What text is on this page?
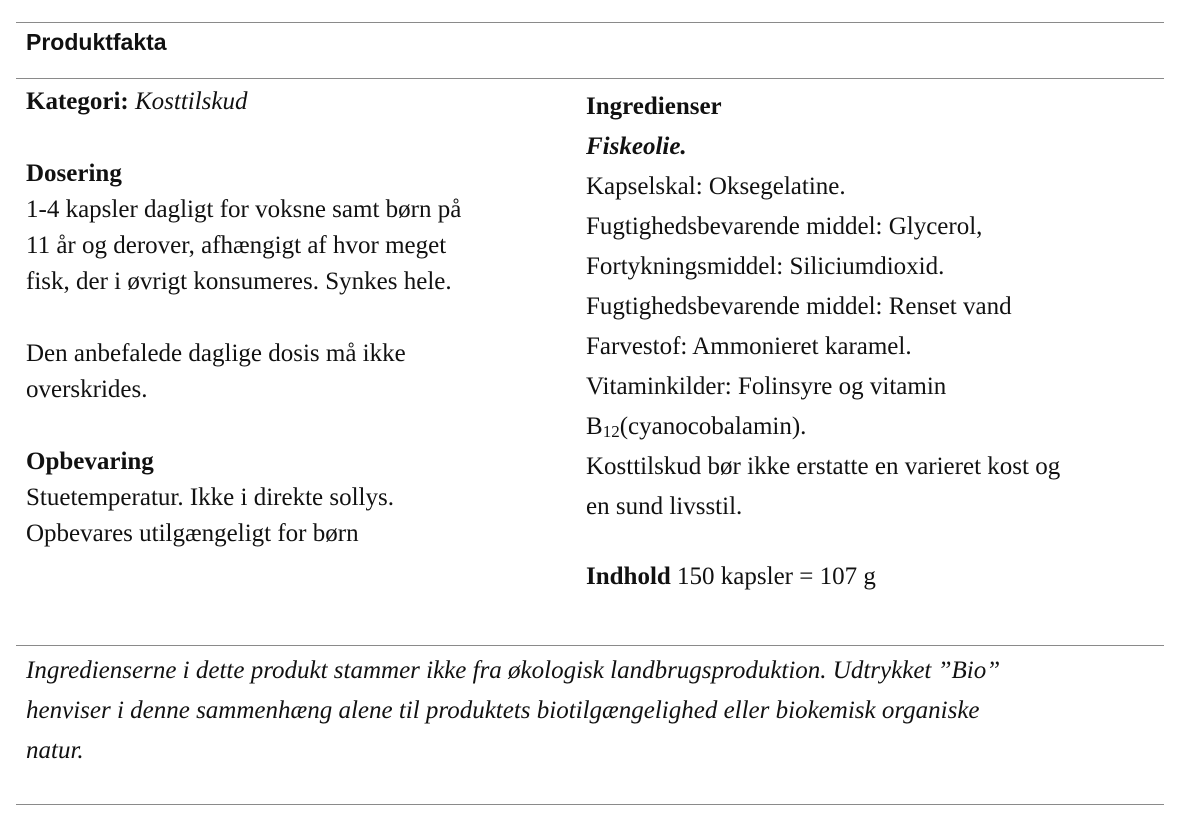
Produktfakta
Kategori: Kosttilskud
Dosering
1-4 kapsler dagligt for voksne samt børn på
11 år og derover, afhængigt af hvor meget
fisk, der i øvrigt konsumeres. Synkes hele.
Den anbefalede daglige dosis må ikke
overskrides.
Opbevaring
Stuetemperatur. Ikke i direkte sollys.
Opbevares utilgængeligt for børn
Ingredienser
Fiskeolie.
Kapselskal: Oksegelatine.
Fugtighedsbevarende middel: Glycerol,
Fortykningsmiddel: Siliciumdioxid.
Fugtighedsbevarende middel: Renset vand
Farvestof: Ammonieret karamel.
Vitaminkilder: Folinsyre og vitamin
B12(cyanocobalamin).
Kosttilskud bør ikke erstatte en varieret kost og
en sund livsstil.
Indhold 150 kapsler = 107 g
Ingredienserne i dette produkt stammer ikke fra økologisk landbrugsproduktion. Udtrykket ”Bio”
henviser i denne sammenhæng alene til produktets biotilgængelighed eller biokemisk organiske
natur.
